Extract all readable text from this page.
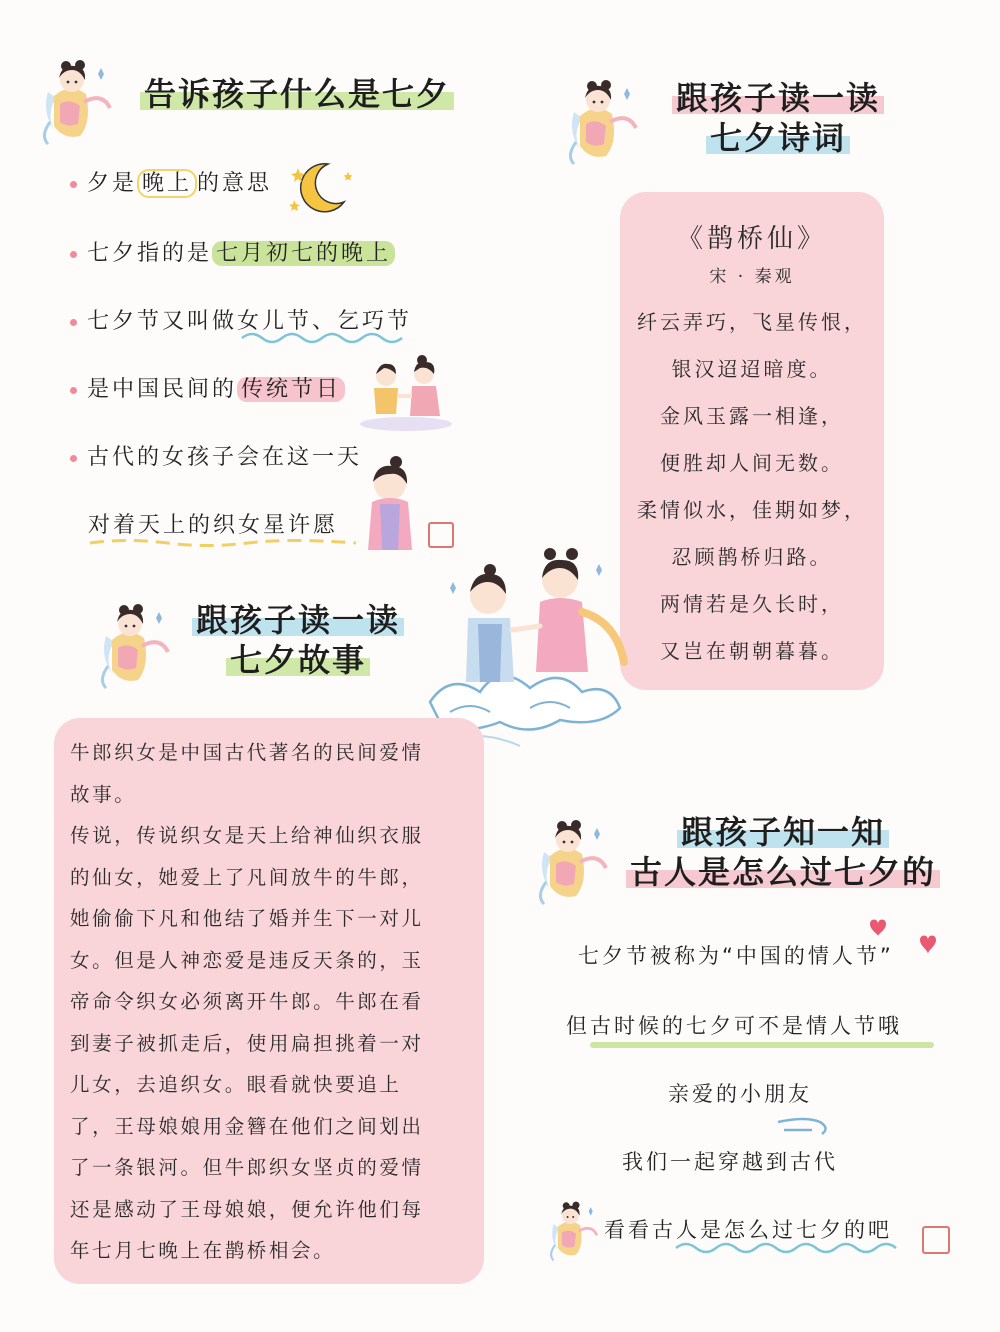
告诉孩子什么是七夕
夕是 晚上 的意思
七夕指的是 七月初七的晚上
七夕节又叫做女儿节、乞巧节
是中国民间的 传统节日
古代的女孩子会在这一天
对着天上的织女星许愿
跟孩子读一读
七夕诗词
《鹊桥仙》
宋 · 秦观
纤云弄巧，飞星传恨，
银汉迢迢暗度。
金风玉露一相逢，
便胜却人间无数。
柔情似水，佳期如梦，
忍顾鹊桥归路。
两情若是久长时，
又岂在朝朝暮暮。
跟孩子读一读
七夕故事
牛郎织女是中国古代著名的民间爱情
故事。
传说，传说织女是天上给神仙织衣服
的仙女，她爱上了凡间放牛的牛郎，
她偷偷下凡和他结了婚并生下一对儿
女。但是人神恋爱是违反天条的，玉
帝命令织女必须离开牛郎。牛郎在看
到妻子被抓走后，使用扁担挑着一对
儿女，去追织女。眼看就快要追上
了，王母娘娘用金簪在他们之间划出
了一条银河。但牛郎织女坚贞的爱情
还是感动了王母娘娘，便允许他们每
年七月七晚上在鹊桥相会。
跟孩子知一知
古人是怎么过七夕的
七夕节被称为“中国的情人节”
但古时候的七夕可不是情人节哦
亲爱的小朋友
我们一起穿越到古代
看看古人是怎么过七夕的吧
